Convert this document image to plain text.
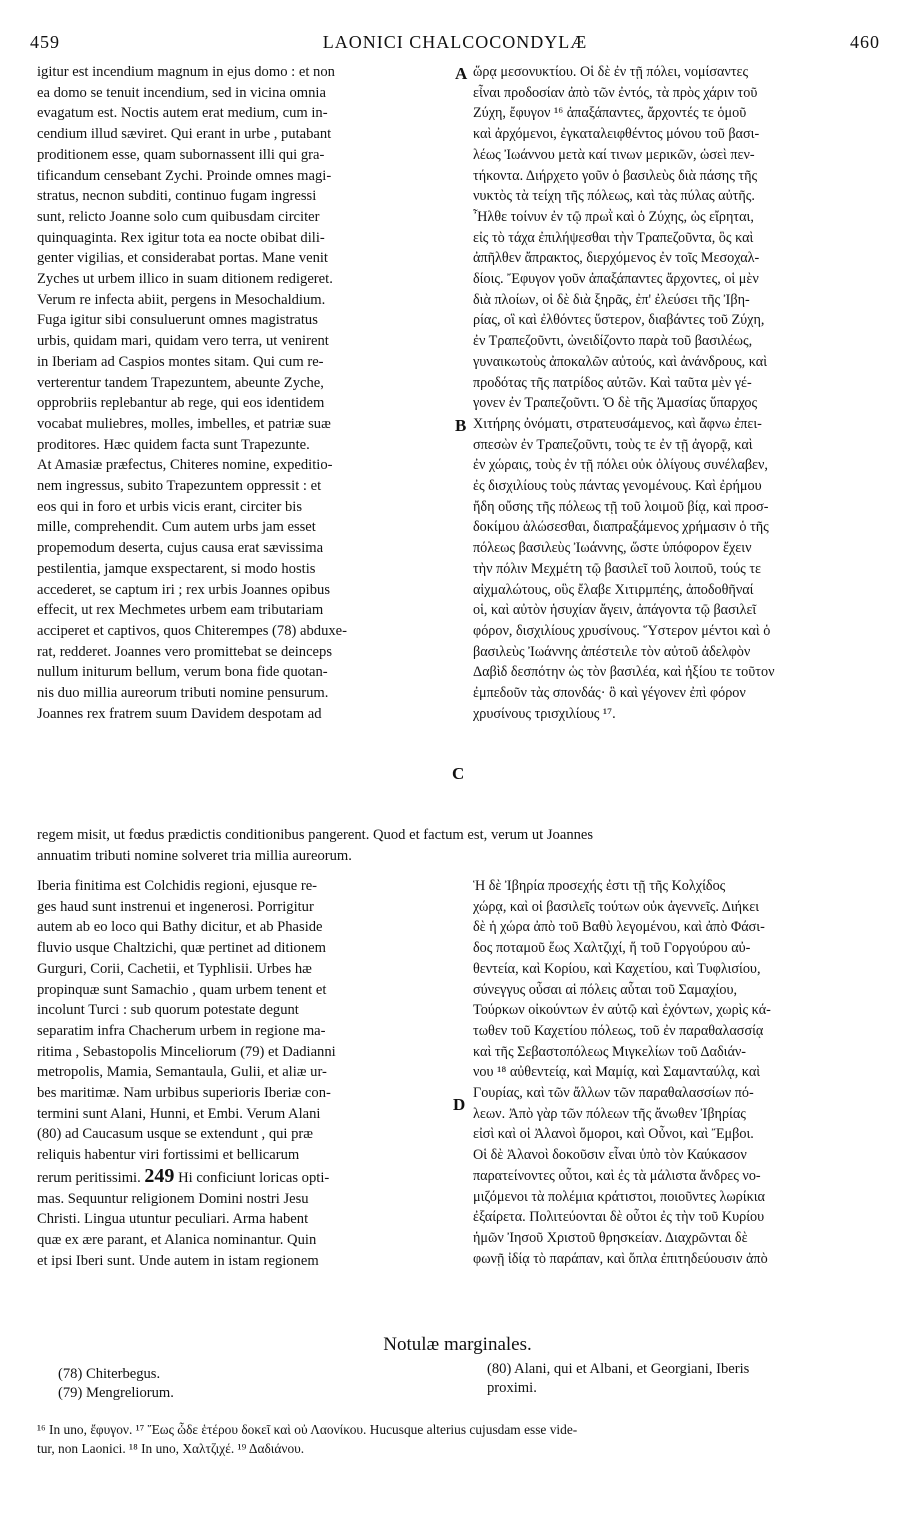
459	LAONICI CHALCOCONDYLÆ	460
igitur est incendium magnum in ejus domo : et non
ea domo se tenuit incendium, sed in vicina omnia
evagatum est. Noctis autem erat medium, cum in-
cendium illud sæviret. Qui erant in urbe , putabant
proditionem esse, quam subornassent illi qui gra-
tificandum censebant Zychi. Proinde omnes magi-
stratus, necnon subditi, continuo fugam ingressi
sunt, relicto Joanne solo cum quibusdam circiter
quinquaginta. Rex igitur tota ea nocte obibat dili-
genter vigilias, et considerabat portas. Mane venit
Zyches ut urbem illico in suam ditionem redigeret.
Verum re infecta abiit, pergens in Mesochaldium.
Fuga igitur sibi consuluerunt omnes magistratus
urbis, quidam mari, quidam vero terra, ut venirent
in Iberiam ad Caspios montes sitam. Qui cum re-
verterentur tandem Trapezuntem, abeunte Zyche,
opprobriis replebantur ab rege, qui eos identidem
vocabat muliebres, molles, imbelles, et patriæ suæ
proditores. Hæc quidem facta sunt Trapezunte.
At Amasiæ præfectus, Chiteres nomine, expeditio-
nem ingressus, subito Trapezuntem oppressit : et
eos qui in foro et urbis vicis erant, circiter bis
mille, comprehendit. Cum autem urbs jam esset
propemodum deserta, cujus causa erat sævissima
pestilentia, jamque exspectarent, si modo hostis
accederet, se captum iri ; rex urbis Joannes opibus
effecit, ut rex Mechmetes urbem eam tributariam
acciperet et captivos, quos Chiterempes (78) abduxe-
rat, redderet. Joannes vero promittebat se deinceps
nullum initurum bellum, verum bona fide quotan-
nis duo millia aureorum tributi nomine pensurum.
Joannes rex fratrem suum Davidem despotam ad
ὥρᾳ μεσονυκτίου. Οἱ δὲ ἐν τῇ πόλει, νομίσαντες
εἶναι προδοσίαν ἀπὸ τῶν ἐντός, τὰ πρὸς χάριν τοῦ
Ζύχη, ἔφυγον ¹⁶ ἀπαξάπαντες, ἄρχοντές τε ὁμοῦ
καὶ ἀρχόμενοι, ἐγκαταλειφθέντος μόνου τοῦ βασι-
λέως Ἰωάννου μετὰ καί τινων μερικῶν, ὡσεὶ πεν-
τήκοντα. Διήρχετο γοῦν ὁ βασιλεὺς διὰ πάσης τῆς
νυκτὸς τὰ τείχη τῆς πόλεως, καὶ τὰς πύλας αὐτῆς.
Ἦλθε τοίνυν ἐν τῷ πρωῒ καὶ ὁ Ζύχης, ὡς εἴρηται,
εἰς τὸ τάχα ἐπιλήψεσθαι τὴν Τραπεζοῦντα, ὃς καὶ
ἀπῆλθεν ἄπρακτος, διερχόμενος ἐν τοῖς Μεσοχαλ-
δίοις. Ἔφυγον γοῦν ἀπαξάπαντες ἄρχοντες, οἱ μὲν
διὰ πλοίων, οἱ δὲ διὰ ξηρᾶς, ἐπ' ἐλεύσει τῆς Ἰβη-
ρίας, οἳ καὶ ἐλθόντες ὕστερον, διαβάντες τοῦ Ζύχη,
ἐν Τραπεζοῦντι, ὠνειδίζοντο παρὰ τοῦ βασιλέως,
γυναικωτοὺς ἀποκαλῶν αὐτούς, καὶ ἀνάνδρους, καὶ
προδότας τῆς πατρίδος αὐτῶν. Καὶ ταῦτα μὲν γέ-
γονεν ἐν Τραπεζοῦντι. Ὁ δὲ τῆς Ἀμασίας ὕπαρχος
Χιτήρης ὀνόματι, στρατευσάμενος, καὶ ἄφνω ἐπει-
σπεσὼν ἐν Τραπεζοῦντι, τοὺς τε ἐν τῇ ἀγορᾷ, καὶ
ἐν χώραις, τοὺς ἐν τῇ πόλει οὐκ ὀλίγους συνέλαβεν,
ἐς δισχιλίους τοὺς πάντας γενομένους. Καὶ ἐρήμου
ἤδη οὔσης τῆς πόλεως τῇ τοῦ λοιμοῦ βίᾳ, καὶ προσ-
δοκίμου ἁλώσεσθαι, διαπραξάμενος χρήμασιν ὁ τῆς
πόλεως βασιλεὺς Ἰωάννης, ὥστε ὑπόφορον ἔχειν
τὴν πόλιν Μεχμέτη τῷ βασιλεῖ τοῦ λοιποῦ, τούς τε
αἰχμαλώτους, οὓς ἔλαβε Χιτιρμπέης, ἀποδοθῆναί
οἱ, καὶ αὐτὸν ἡσυχίαν ἄγειν, ἀπάγοντα τῷ βασιλεῖ
φόρον, δισχιλίους χρυσίνους. Ὕστερον μέντοι καὶ ὁ
βασιλεὺς Ἰωάννης ἀπέστειλε τὸν αὐτοῦ ἀδελφὸν
Δαβὶδ δεσπότην ὡς τὸν βασιλέα, καὶ ἠξίου τε τοῦτον
ἐμπεδοῦν τὰς σπονδάς· ὃ καὶ γέγονεν ἐπὶ φόρον
χρυσίνους τρισχιλίους ¹⁷.
A
B
C
D
regem misit, ut fœdus prædictis conditionibus pangerent. Quod et factum est, verum ut Joannes
annuatim tributi nomine solveret tria millia aureorum.
Iberia finitima est Colchidis regioni, ejusque re-
ges haud sunt instrenui et ingenerosi. Porrigitur
autem ab eo loco qui Bathy dicitur, et ab Phaside
fluvio usque Chaltzichi, quæ pertinet ad ditionem
Gurguri, Corii, Cachetii, et Typhlisii. Urbes hæ
propinquæ sunt Samachio , quam urbem tenent et
incolunt Turci : sub quorum potestate degunt
separatim infra Chacherum urbem in regione ma-
ritima , Sebastopolis Minceliorum (79) et Dadianni
metropolis, Mamia, Semantaula, Gulii, et aliæ ur-
bes maritimæ. Nam urbibus superioris Iberiæ con-
termini sunt Alani, Hunni, et Embi. Verum Alani
(80) ad Caucasum usque se extendunt , qui præ
reliquis habentur viri fortissimi et bellicarum
rerum peritissimi. 249 Hi conficiunt loricas opti-
mas. Sequuntur religionem Domini nostri Jesu
Christi. Lingua utuntur peculiari. Arma habent
quæ ex ære parant, et Alanica nominantur. Quin
et ipsi Iberi sunt. Unde autem in istam regionem
Ἡ δὲ Ἰβηρία προσεχής ἐστι τῇ τῆς Κολχίδος
χώρᾳ, καὶ οἱ βασιλεῖς τούτων οὐκ ἀγεννεῖς. Διήκει
δὲ ἡ χώρα ἀπὸ τοῦ Βαθὺ λεγομένου, καὶ ἀπὸ Φάσι-
δος ποταμοῦ ἕως Χαλτζιχί, ἥ τοῦ Γοργούρου αὐ-
θεντεία, καὶ Κορίου, καὶ Καχετίου, καὶ Τυφλισίου,
σύνεγγυς οὖσαι αἱ πόλεις αὗται τοῦ Σαμαχίου,
Τούρκων οἰκούντων ἐν αὐτῷ καὶ ἐχόντων, χωρὶς κά-
τωθεν τοῦ Καχετίου πόλεως, τοῦ ἐν παραθαλασσίᾳ
καὶ τῆς Σεβαστοπόλεως Μιγκελίων τοῦ Δαδιάν-
νου ¹⁸ αὐθεντείᾳ, καὶ Μαμίᾳ, καὶ Σαμανταύλᾳ, καὶ
Γουρίας, καὶ τῶν ἄλλων τῶν παραθαλασσίων πό-
λεων. Ἀπὸ γὰρ τῶν πόλεων τῆς ἄνωθεν Ἰβηρίας
εἰσὶ καὶ οἱ Ἀλανοὶ ὅμοροι, καὶ Οὖνοι, καὶ Ἔμβοι.
Οἱ δὲ Ἀλανοὶ δοκοῦσιν εἶναι ὑπὸ τὸν Καύκασον
παρατείνοντες οὗτοι, καὶ ἐς τὰ μάλιστα ἄνδρες νο-
μιζόμενοι τὰ πολέμια κράτιστοι, ποιοῦντες λωρίκια
ἐξαίρετα. Πολιτεύονται δὲ οὗτοι ἐς τὴν τοῦ Κυρίου
ἡμῶν Ἰησοῦ Χριστοῦ θρησκείαν. Διαχρῶνται δὲ
φωνῇ ἰδίᾳ τὸ παράπαν, καὶ ὅπλα ἐπιτηδεύουσιν ἀπὸ
Notulæ marginales.
(78) Chiterbegus.
(79) Mengreliorum.
(80) Alani, qui et Albani, et Georgiani, Iberis
proximi.
¹⁶ In uno, ἔφυγον. ¹⁷ Ἕως ὧδε ἑτέρου δοκεῖ καὶ οὐ Λαονίκου. Hucusque alterius cujusdam esse vide-
tur, non Laonici. ¹⁸ In uno, Χαλτζιχέ. ¹⁹ Δαδιάνου.
